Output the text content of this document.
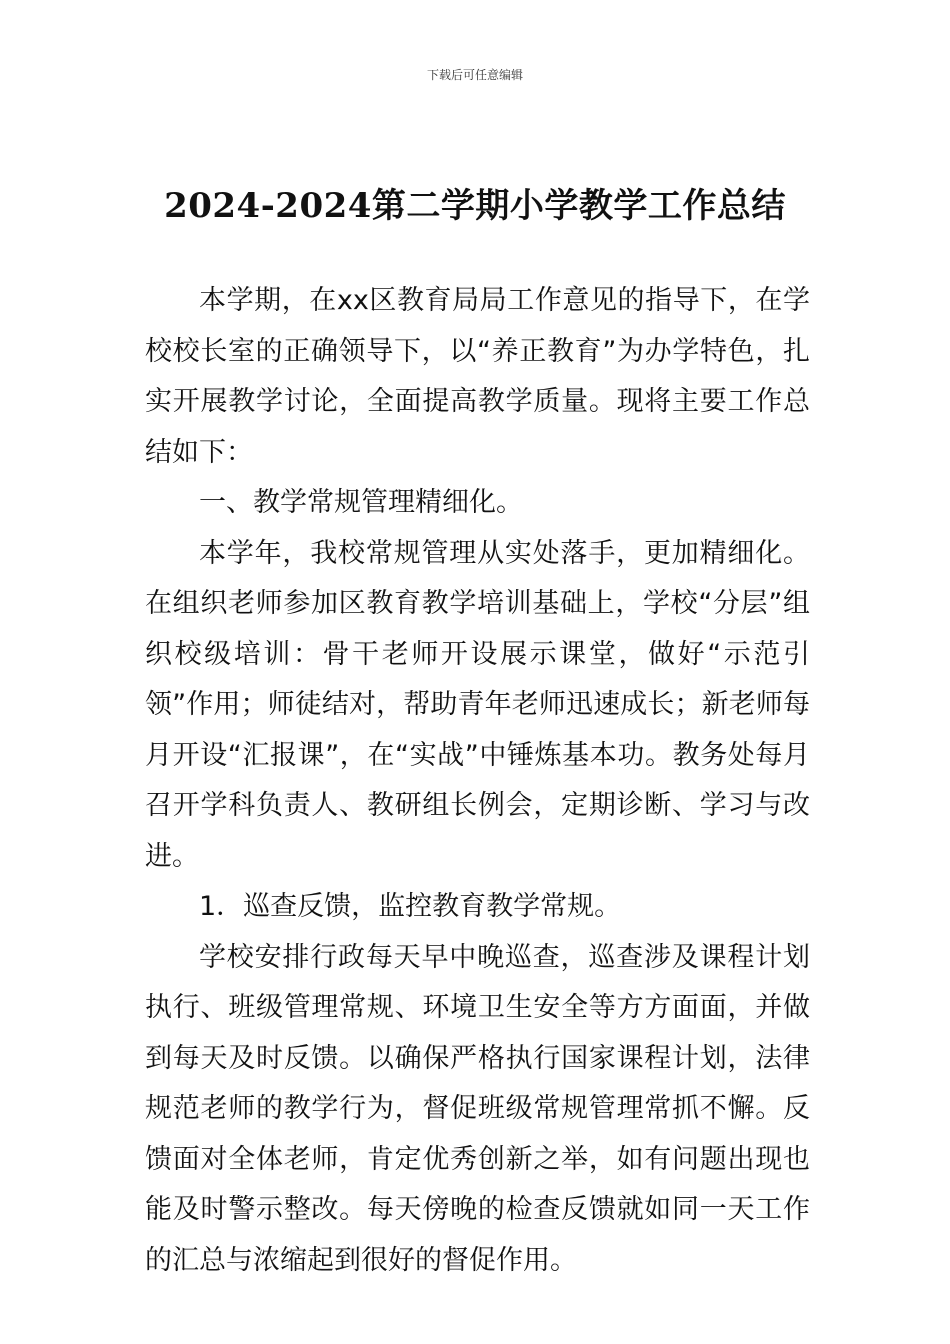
下载后可任意编辑
2024-2024第二学期小学教学工作总结

本学期，在xx区教育局局工作意见的指导下，在学校校长室的正确领导下，以“养正教育”为办学特色，扎实开展教学讨论，全面提高教学质量。现将主要工作总结如下：

一、教学常规管理精细化。

本学年，我校常规管理从实处落手，更加精细化。在组织老师参加区教育教学培训基础上，学校“分层”组织校级培训：骨干老师开设展示课堂，做好“示范引领”作用；师徒结对，帮助青年老师迅速成长；新老师每月开设“汇报课”，在“实战”中锤炼基本功。教务处每月召开学科负责人、教研组长例会，定期诊断、学习与改进。

1．巡查反馈，监控教育教学常规。

学校安排行政每天早中晚巡查，巡查涉及课程计划执行、班级管理常规、环境卫生安全等方方面面，并做到每天及时反馈。以确保严格执行国家课程计划，法律规范老师的教学行为，督促班级常规管理常抓不懈。反馈面对全体老师，肯定优秀创新之举，如有问题出现也能及时警示整改。每天傍晚的检查反馈就如同一天工作的汇总与浓缩起到很好的督促作用。
